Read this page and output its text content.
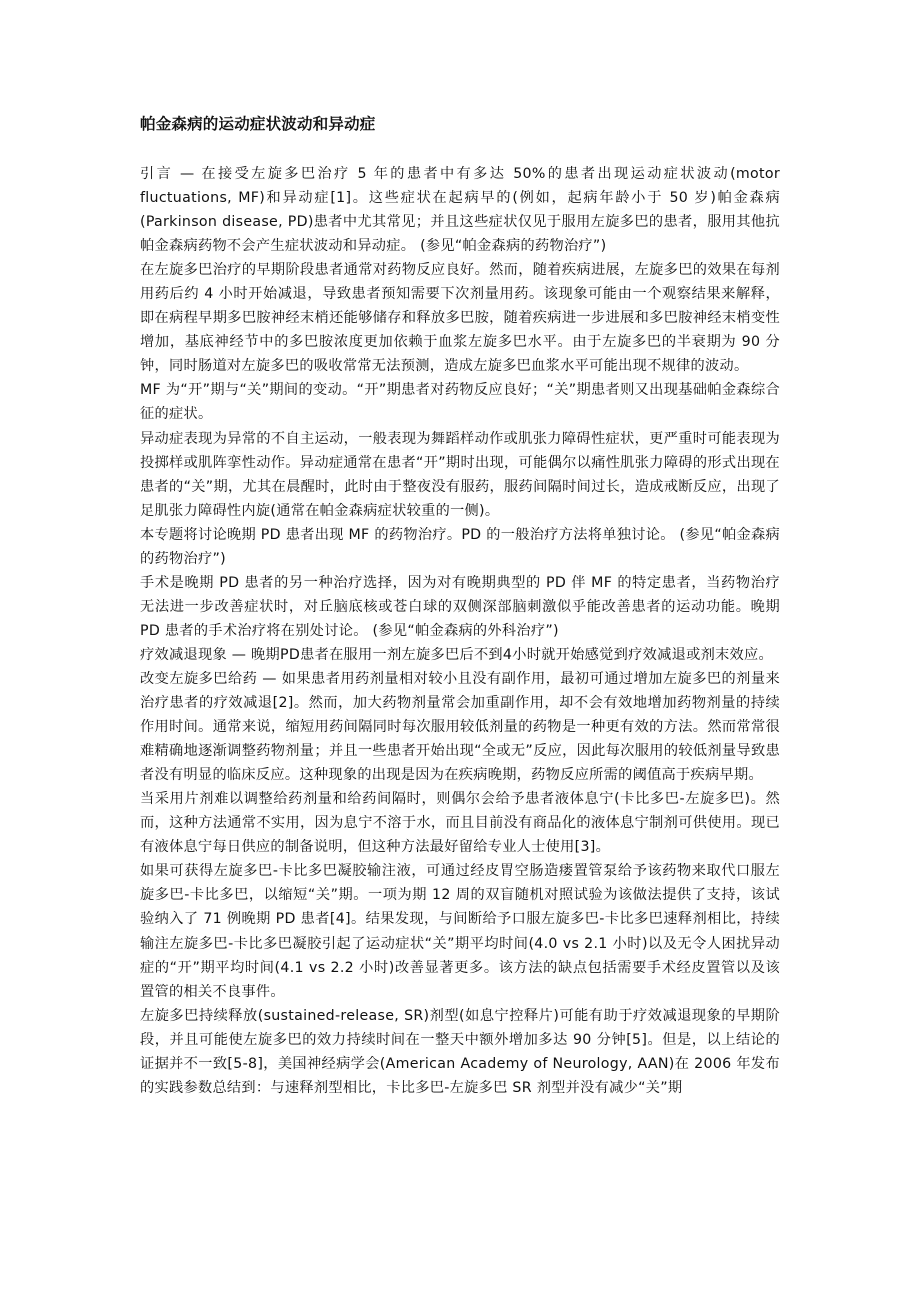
帕金森病的运动症状波动和异动症

引言 — 在接受左旋多巴治疗 5 年的患者中有多达 50%的患者出现运动症状波动(motor fluctuations, MF)和异动症[1]。这些症状在起病早的(例如，起病年龄小于 50 岁)帕金森病(Parkinson disease, PD)患者中尤其常见；并且这些症状仅见于服用左旋多巴的患者，服用其他抗帕金森病药物不会产生症状波动和异动症。 (参见“帕金森病的药物治疗”)

在左旋多巴治疗的早期阶段患者通常对药物反应良好。然而，随着疾病进展，左旋多巴的效果在每剂用药后约 4 小时开始减退，导致患者预知需要下次剂量用药。该现象可能由一个观察结果来解释，即在病程早期多巴胺神经末梢还能够储存和释放多巴胺，随着疾病进一步进展和多巴胺神经末梢变性增加，基底神经节中的多巴胺浓度更加依赖于血浆左旋多巴水平。由于左旋多巴的半衰期为 90 分钟，同时肠道对左旋多巴的吸收常常无法预测，造成左旋多巴血浆水平可能出现不规律的波动。

MF 为“开”期与“关”期间的变动。“开”期患者对药物反应良好；“关”期患者则又出现基础帕金森综合征的症状。

异动症表现为异常的不自主运动，一般表现为舞蹈样动作或肌张力障碍性症状，更严重时可能表现为投掷样或肌阵挛性动作。异动症通常在患者“开”期时出现，可能偶尔以痛性肌张力障碍的形式出现在患者的“关”期，尤其在晨醒时，此时由于整夜没有服药，服药间隔时间过长，造成戒断反应，出现了足肌张力障碍性内旋(通常在帕金森病症状较重的一侧)。

本专题将讨论晚期 PD 患者出现 MF 的药物治疗。PD 的一般治疗方法将单独讨论。 (参见“帕金森病的药物治疗”)

手术是晚期 PD 患者的另一种治疗选择，因为对有晚期典型的 PD 伴 MF 的特定患者，当药物治疗无法进一步改善症状时，对丘脑底核或苍白球的双侧深部脑刺激似乎能改善患者的运动功能。晚期 PD 患者的手术治疗将在别处讨论。 (参见“帕金森病的外科治疗”)

疗效减退现象 — 晚期PD患者在服用一剂左旋多巴后不到4小时就开始感觉到疗效减退或剂末效应。

改变左旋多巴给药 — 如果患者用药剂量相对较小且没有副作用，最初可通过增加左旋多巴的剂量来治疗患者的疗效减退[2]。然而，加大药物剂量常会加重副作用，却不会有效地增加药物剂量的持续作用时间。通常来说，缩短用药间隔同时每次服用较低剂量的药物是一种更有效的方法。然而常常很难精确地逐渐调整药物剂量；并且一些患者开始出现“全或无”反应，因此每次服用的较低剂量导致患者没有明显的临床反应。这种现象的出现是因为在疾病晚期，药物反应所需的阈值高于疾病早期。

当采用片剂难以调整给药剂量和给药间隔时，则偶尔会给予患者液体息宁(卡比多巴-左旋多巴)。然而，这种方法通常不实用，因为息宁不溶于水，而且目前没有商品化的液体息宁制剂可供使用。现已有液体息宁每日供应的制备说明，但这种方法最好留给专业人士使用[3]。

如果可获得左旋多巴-卡比多巴凝胶输注液，可通过经皮胃空肠造瘘置管泵给予该药物来取代口服左旋多巴-卡比多巴，以缩短“关”期。一项为期 12 周的双盲随机对照试验为该做法提供了支持，该试验纳入了 71 例晚期 PD 患者[4]。结果发现，与间断给予口服左旋多巴-卡比多巴速释剂相比，持续输注左旋多巴-卡比多巴凝胶引起了运动症状“关”期平均时间(4.0 vs 2.1 小时)以及无令人困扰异动症的“开”期平均时间(4.1 vs 2.2 小时)改善显著更多。该方法的缺点包括需要手术经皮置管以及该置管的相关不良事件。

左旋多巴持续释放(sustained-release, SR)剂型(如息宁控释片)可能有助于疗效减退现象的早期阶段，并且可能使左旋多巴的效力持续时间在一整天中额外增加多达 90 分钟[5]。但是，以上结论的证据并不一致[5-8]，美国神经病学会(American Academy of Neurology, AAN)在 2006 年发布的实践参数总结到：与速释剂型相比，卡比多巴-左旋多巴 SR 剂型并没有减少“关”期
